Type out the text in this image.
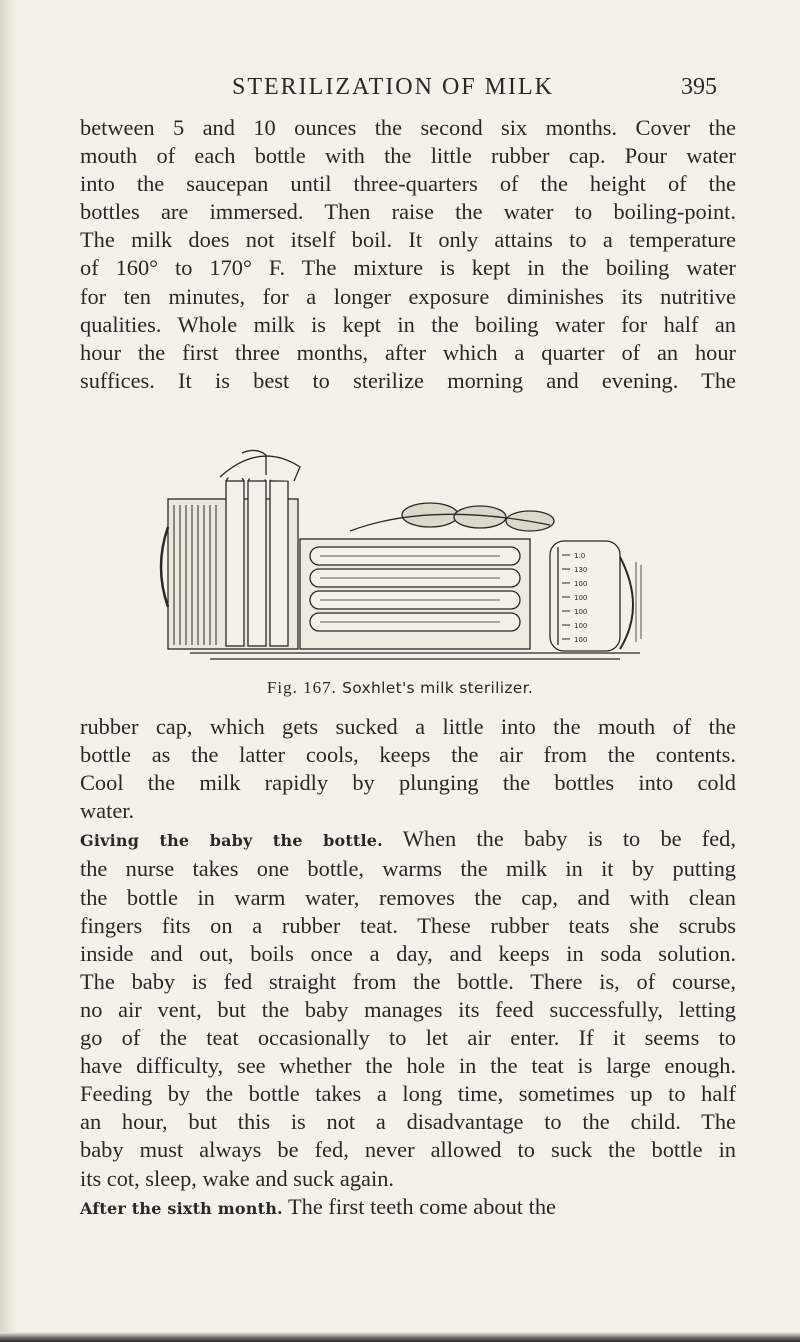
STERILIZATION OF MILK	395
between 5 and 10 ounces the second six months. Cover the
mouth of each bottle with the little rubber cap. Pour water
into the saucepan until three-quarters of the height of the
bottles are immersed. Then raise the water to boiling-point.
The milk does not itself boil. It only attains to a temperature
of 160° to 170° F. The mixture is kept in the boiling water
for ten minutes, for a longer exposure diminishes its nutritive
qualities. Whole milk is kept in the boiling water for half an
hour the first three months, after which a quarter of an hour
suffices. It is best to sterilize morning and evening. The
1:0
130
100
100
100
100
100
Fig. 167. Soxhlet's milk sterilizer.
rubber cap, which gets sucked a little into the mouth of the
bottle as the latter cools, keeps the air from the contents.
Cool the milk rapidly by plunging the bottles into cold
water.
Giving the baby the bottle. When the baby is to be fed,
the nurse takes one bottle, warms the milk in it by putting
the bottle in warm water, removes the cap, and with clean
fingers fits on a rubber teat. These rubber teats she scrubs
inside and out, boils once a day, and keeps in soda solution.
The baby is fed straight from the bottle. There is, of course,
no air vent, but the baby manages its feed successfully, letting
go of the teat occasionally to let air enter. If it seems to
have difficulty, see whether the hole in the teat is large enough.
Feeding by the bottle takes a long time, sometimes up to half
an hour, but this is not a disadvantage to the child. The
baby must always be fed, never allowed to suck the bottle in
its cot, sleep, wake and suck again.
After the sixth month. The first teeth come about the
